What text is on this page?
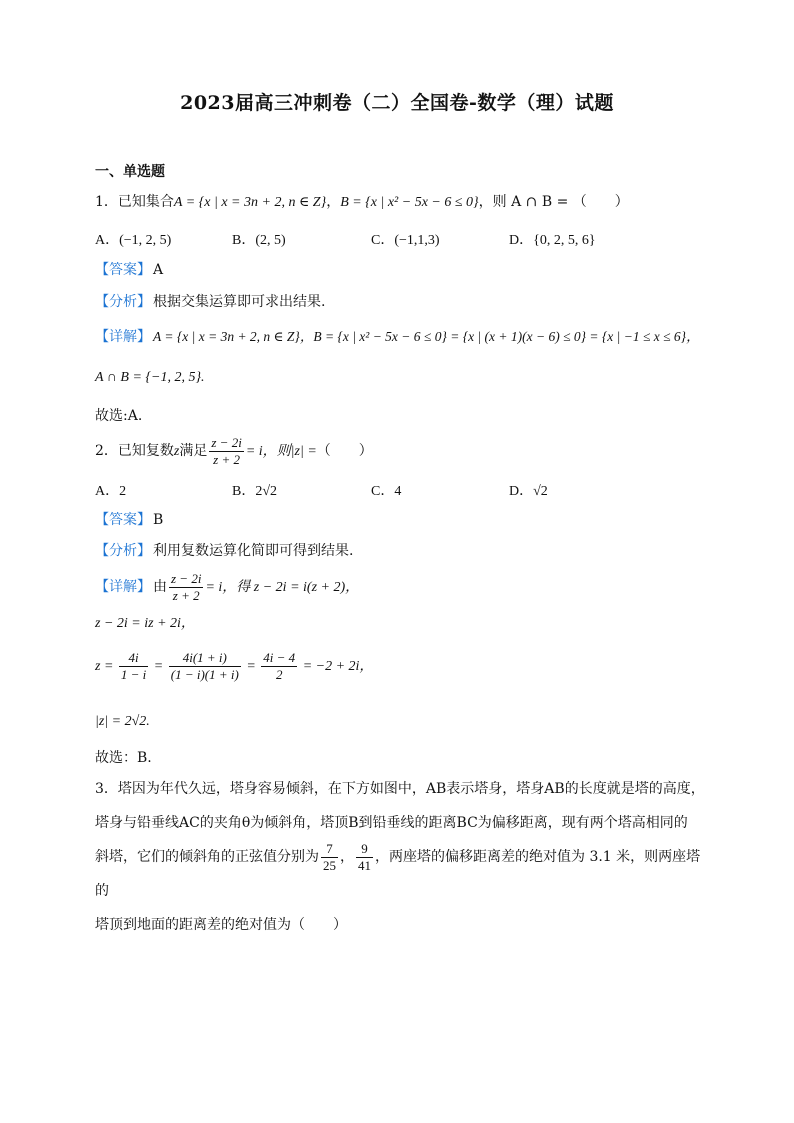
2023届高三冲刺卷（二）全国卷-数学（理）试题
一、单选题
1．已知集合A = {x | x = 3n + 2, n ∈ Z}，B = {x | x² − 5x − 6 ≤ 0}，则 A ∩ B = （　　）
A．(−1, 2, 5)	B．(2, 5)	C．(−1,1,3)	D．{0, 2, 5, 6}
【答案】 A
【分析】 根据交集运算即可求出结果.
【详解】 A = {x | x = 3n + 2, n ∈ Z}，B = {x | x² − 5x − 6 ≤ 0} = {x | (x + 1)(x − 6) ≤ 0} = {x | −1 ≤ x ≤ 6}，
A ∩ B = {−1, 2, 5}.
故选:A.
2．已知复数z满足 $\frac{z - 2i}{z + 2} = i$，则|z| =（　　）
A．2	B．2√2	C．4	D．√2
【答案】 B
【分析】 利用复数运算化简即可得到结果.
【详解】 由 $\frac{z - 2i}{z + 2} = i$，得 z − 2i = i(z + 2)，
z − 2i = iz + 2i，
$z = \frac{4i}{1 - i} = \frac{4i(1 + i)}{(1 - i)(1 + i)} = \frac{4i - 4}{2} = -2 + 2i$，
|z| = 2√2.
故选：B.
3．塔因为年代久远，塔身容易倾斜，在下方如图中，AB表示塔身，塔身AB的长度就是塔的高度，
塔身与铅垂线AC的夹角θ为倾斜角，塔顶B到铅垂线的距离BC为偏移距离，现有两个塔高相同的
斜塔，它们的倾斜角的正弦值分别为 $\frac{7}{25}$ ， $\frac{9}{41}$ ，两座塔的偏移距离差的绝对值为 3.1 米，则两座塔的
塔顶到地面的距离差的绝对值为（　　）
